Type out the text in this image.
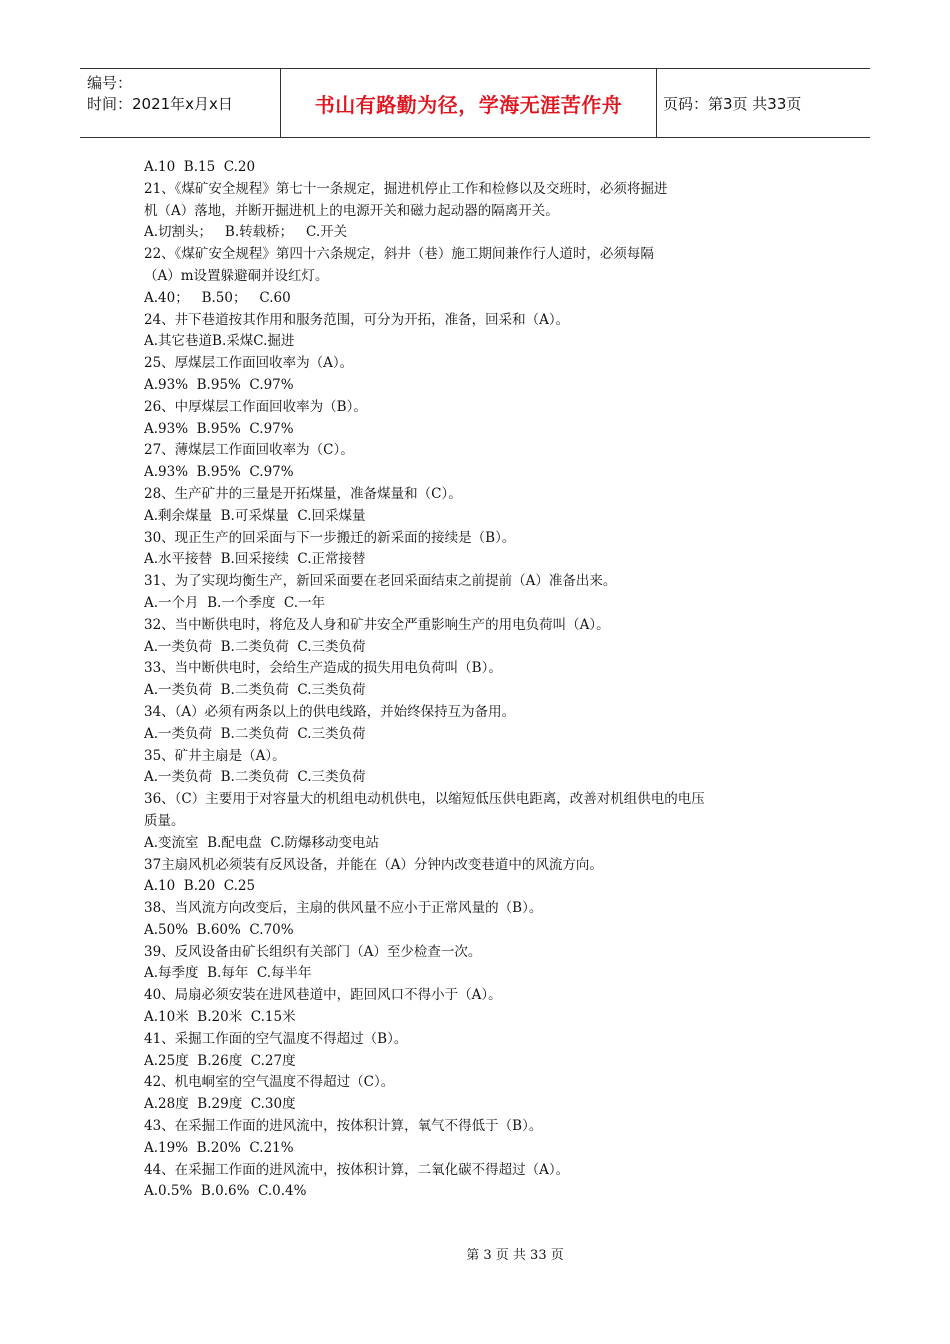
编号：
时间：2021年x月x日	书山有路勤为径，学海无涯苦作舟	页码：第3页 共33页
A.10  B.15  C.20
21、《煤矿安全规程》第七十一条规定，掘进机停止工作和检修以及交班时，必须将掘进
机（A）落地，并断开掘进机上的电源开关和磁力起动器的隔离开关。
A.切割头；   B.转载桥；   C.开关
22、《煤矿安全规程》第四十六条规定，斜井（巷）施工期间兼作行人道时，必须每隔
（A）m设置躲避硐并设红灯。
A.40；   B.50；   C.60
24、井下巷道按其作用和服务范围，可分为开拓，准备，回采和（A）。
A.其它巷道B.采煤C.掘进
25、厚煤层工作面回收率为（A）。
A.93%  B.95%  C.97%
26、中厚煤层工作面回收率为（B）。
A.93%  B.95%  C.97%
27、薄煤层工作面回收率为（C）。
A.93%  B.95%  C.97%
28、生产矿井的三量是开拓煤量，准备煤量和（C）。
A.剩余煤量  B.可采煤量  C.回采煤量
30、现正生产的回采面与下一步搬迁的新采面的接续是（B）。
A.水平接替  B.回采接续  C.正常接替
31、为了实现均衡生产，新回采面要在老回采面结束之前提前（A）准备出来。
A.一个月  B.一个季度  C.一年
32、当中断供电时，将危及人身和矿井安全严重影响生产的用电负荷叫（A）。
A.一类负荷  B.二类负荷  C.三类负荷
33、当中断供电时，会给生产造成的损失用电负荷叫（B）。
A.一类负荷  B.二类负荷  C.三类负荷
34、（A）必须有两条以上的供电线路，并始终保持互为备用。
A.一类负荷  B.二类负荷  C.三类负荷
35、矿井主扇是（A）。
A.一类负荷  B.二类负荷  C.三类负荷
36、（C）主要用于对容量大的机组电动机供电，以缩短低压供电距离，改善对机组供电的电压
质量。
A.变流室  B.配电盘  C.防爆移动变电站
37主扇风机必须装有反风设备，并能在（A）分钟内改变巷道中的风流方向。
A.10  B.20  C.25
38、当风流方向改变后，主扇的供风量不应小于正常风量的（B）。
A.50%  B.60%  C.70%
39、反风设备由矿长组织有关部门（A）至少检查一次。
A.每季度  B.每年  C.每半年
40、局扇必须安装在进风巷道中，距回风口不得小于（A）。
A.10米  B.20米  C.15米
41、采掘工作面的空气温度不得超过（B）。
A.25度  B.26度  C.27度
42、机电峒室的空气温度不得超过（C）。
A.28度  B.29度  C.30度
43、在采掘工作面的进风流中，按体积计算，氧气不得低于（B）。
A.19%  B.20%  C.21%
44、在采掘工作面的进风流中，按体积计算，二氧化碳不得超过（A）。
A.0.5%  B.0.6%  C.0.4%
第 3 页 共 33 页
